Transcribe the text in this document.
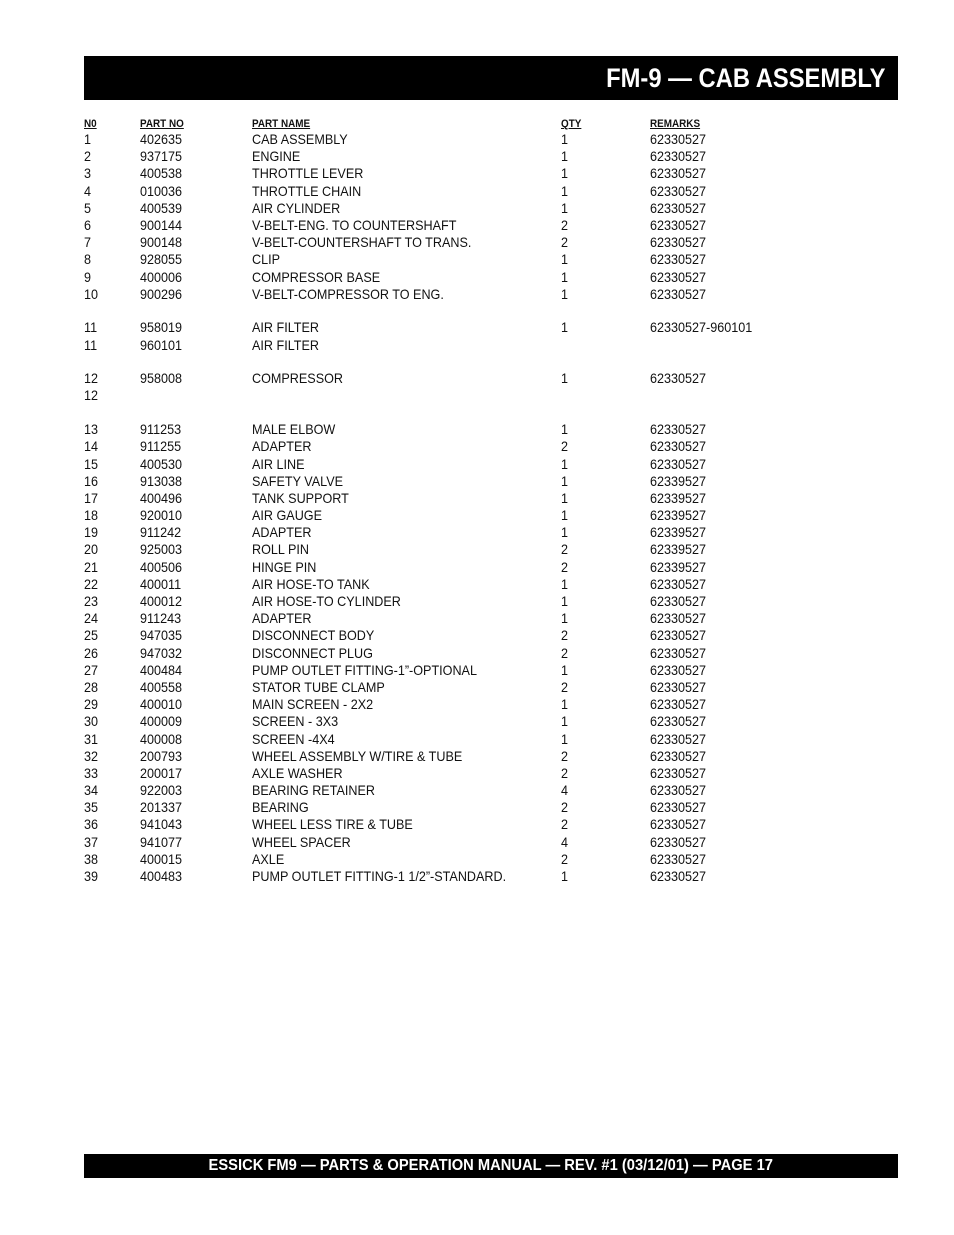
FM-9 — CAB ASSEMBLY
N0	PART NO	PART NAME	QTY	REMARKS
1	402635	CAB ASSEMBLY	1	62330527
2	937175	ENGINE	1	62330527
3	400538	THROTTLE LEVER	1	62330527
4	010036	THROTTLE CHAIN	1	62330527
5	400539	AIR CYLINDER	1	62330527
6	900144	V-BELT-ENG. TO COUNTERSHAFT	2	62330527
7	900148	V-BELT-COUNTERSHAFT TO TRANS.	2	62330527
8	928055	CLIP	1	62330527
9	400006	COMPRESSOR BASE	1	62330527
10	900296	V-BELT-COMPRESSOR TO ENG.	1	62330527
11	958019	AIR FILTER	1	62330527-960101
11	960101	AIR FILTER
12	958008	COMPRESSOR	1	62330527
12
13	911253	MALE ELBOW	1	62330527
14	911255	ADAPTER	2	62330527
15	400530	AIR LINE	1	62330527
16	913038	SAFETY VALVE	1	62339527
17	400496	TANK SUPPORT	1	62339527
18	920010	AIR GAUGE	1	62339527
19	911242	ADAPTER	1	62339527
20	925003	ROLL PIN	2	62339527
21	400506	HINGE PIN	2	62339527
22	400011	AIR HOSE-TO TANK	1	62330527
23	400012	AIR HOSE-TO CYLINDER	1	62330527
24	911243	ADAPTER	1	62330527
25	947035	DISCONNECT BODY	2	62330527
26	947032	DISCONNECT PLUG	2	62330527
27	400484	PUMP OUTLET FITTING-1”-OPTIONAL	1	62330527
28	400558	STATOR TUBE CLAMP	2	62330527
29	400010	MAIN SCREEN - 2X2	1	62330527
30	400009	SCREEN - 3X3	1	62330527
31	400008	SCREEN -4X4	1	62330527
32	200793	WHEEL ASSEMBLY W/TIRE & TUBE	2	62330527
33	200017	AXLE WASHER	2	62330527
34	922003	BEARING RETAINER	4	62330527
35	201337	BEARING	2	62330527
36	941043	WHEEL LESS TIRE & TUBE	2	62330527
37	941077	WHEEL SPACER	4	62330527
38	400015	AXLE	2	62330527
39	400483	PUMP OUTLET FITTING-1 1/2”-STANDARD.	1	62330527
ESSICK FM9 — PARTS & OPERATION MANUAL — REV. #1 (03/12/01) — PAGE 17
